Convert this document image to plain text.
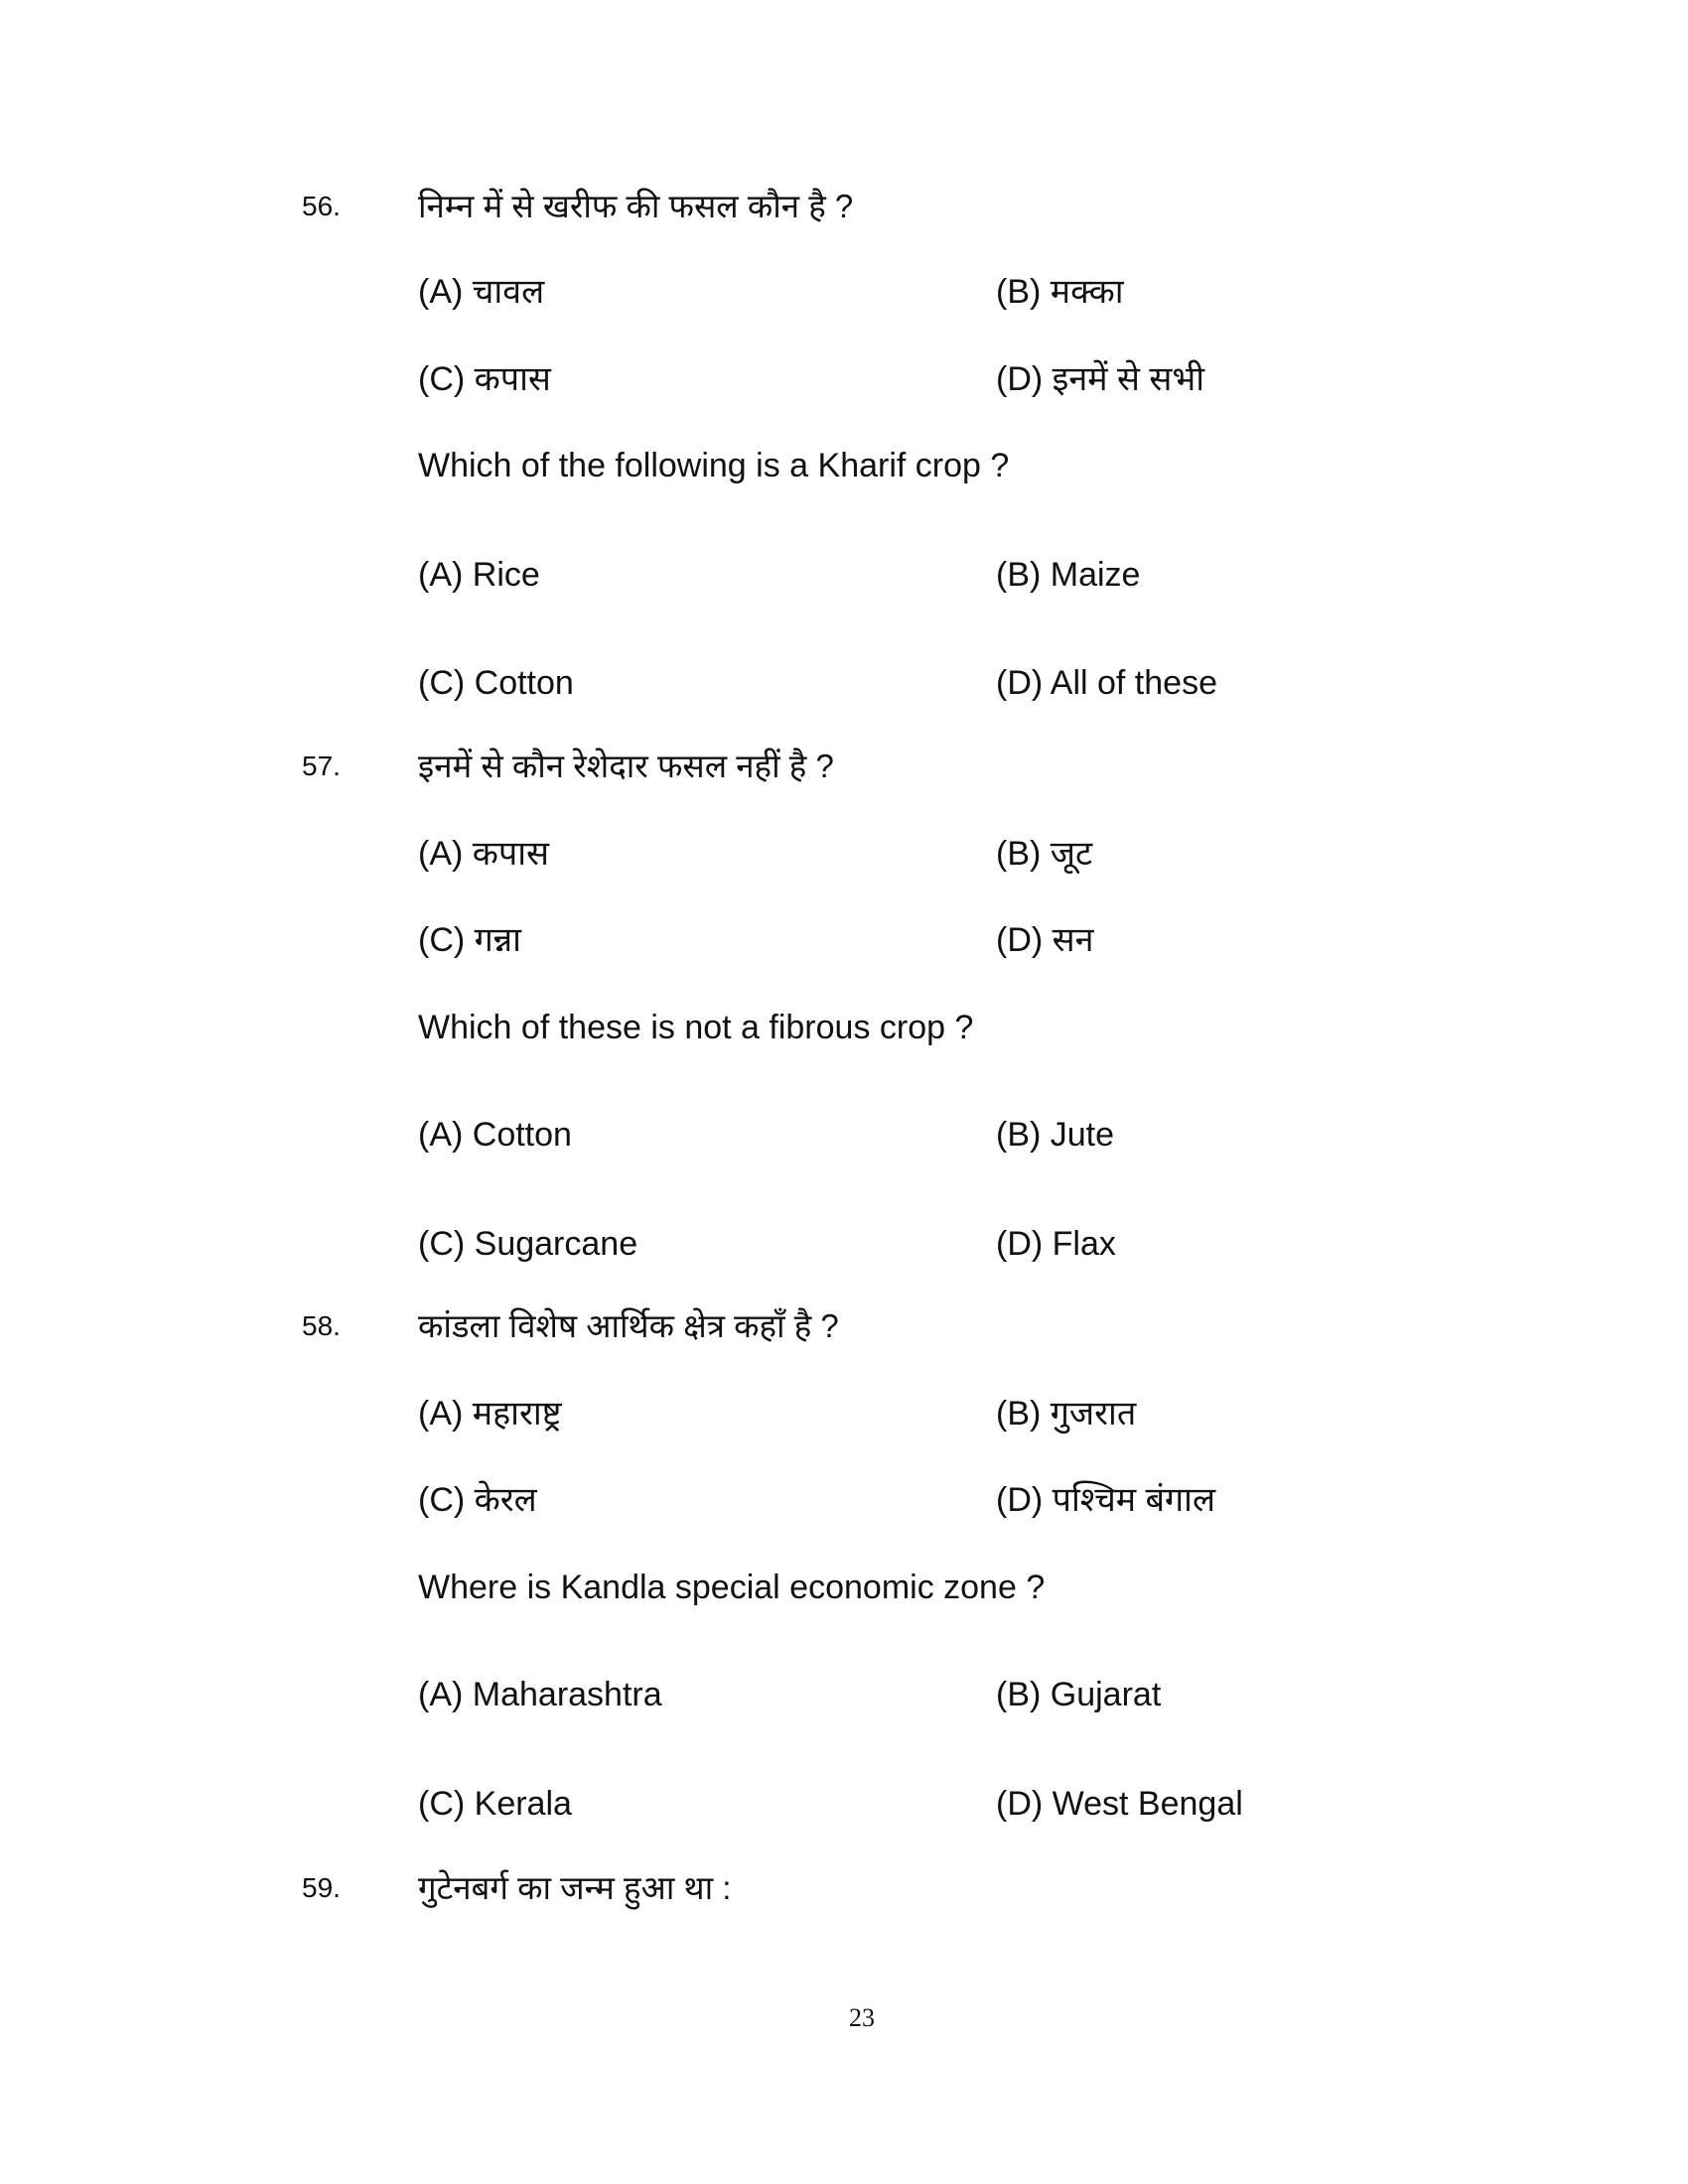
56. निम्न में से खरीफ की फसल कौन है ?
(A) चावल	(B) मक्का
(C) कपास	(D) इनमें से सभी
Which of the following is a Kharif crop ?
(A) Rice	(B) Maize
(C) Cotton	(D) All of these
57. इनमें से कौन रेशेदार फसल नहीं है ?
(A) कपास	(B) जूट
(C) गन्ना	(D) सन
Which of these is not a fibrous crop ?
(A) Cotton	(B) Jute
(C) Sugarcane	(D) Flax
58. कांडला विशेष आर्थिक क्षेत्र कहाँ है ?
(A) महाराष्ट्र	(B) गुजरात
(C) केरल	(D) पश्चिम बंगाल
Where is Kandla special economic zone ?
(A) Maharashtra	(B) Gujarat
(C) Kerala	(D) West Bengal
59. गुटेनबर्ग का जन्म हुआ था :
23
